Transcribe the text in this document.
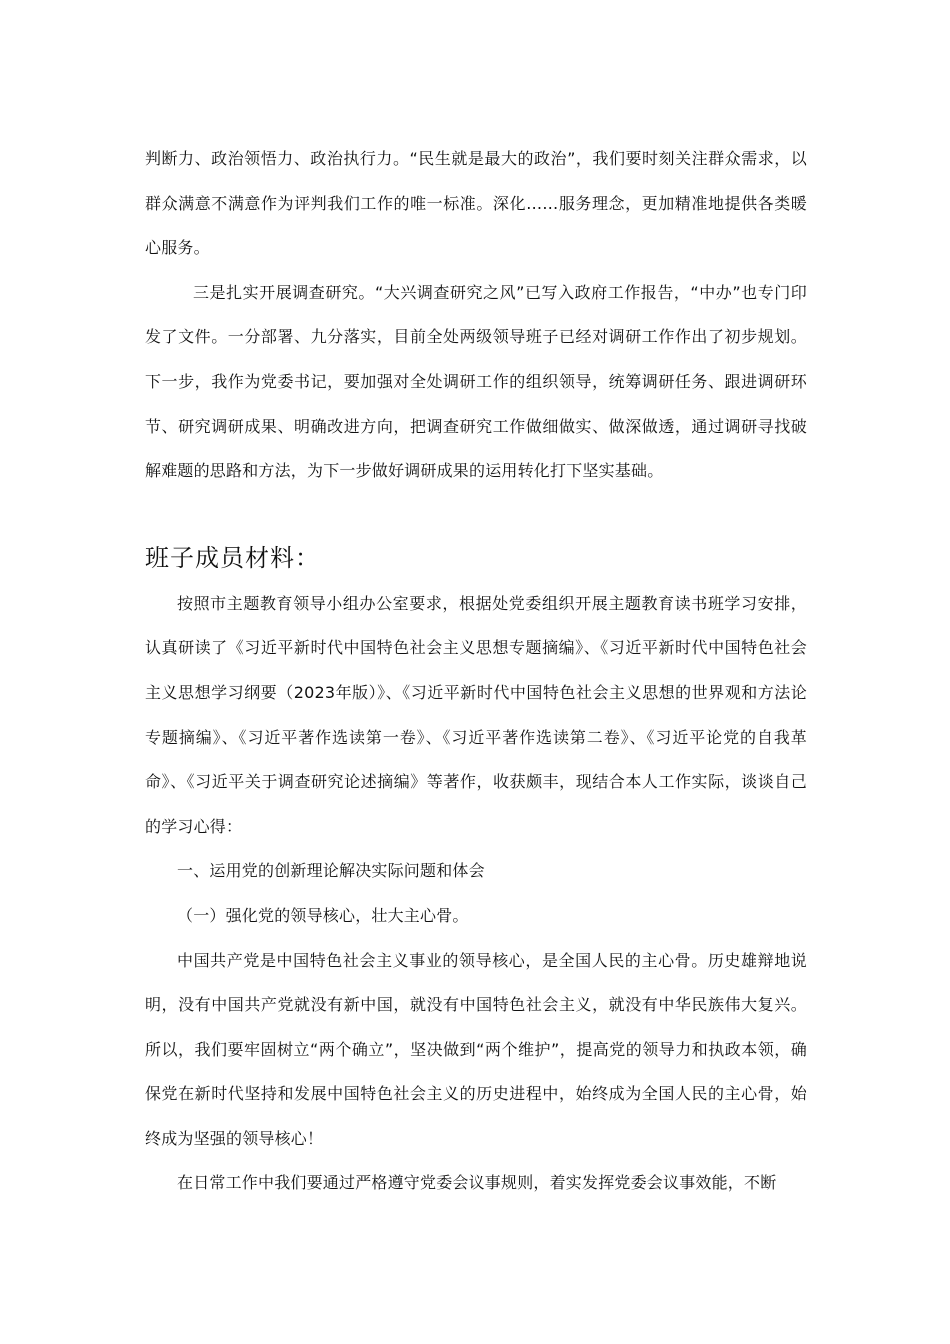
判断力、政治领悟力、政治执行力。“民生就是最大的政治”，我们要时刻关注群众需求，以群众满意不满意作为评判我们工作的唯一标准。深化……服务理念，更加精准地提供各类暖心服务。

三是扎实开展调查研究。“大兴调查研究之风”已写入政府工作报告，“中办”也专门印发了文件。一分部署、九分落实，目前全处两级领导班子已经对调研工作作出了初步规划。下一步，我作为党委书记，要加强对全处调研工作的组织领导，统筹调研任务、跟进调研环节、研究调研成果、明确改进方向，把调查研究工作做细做实、做深做透，通过调研寻找破解难题的思路和方法，为下一步做好调研成果的运用转化打下坚实基础。

班子成员材料：

按照市主题教育领导小组办公室要求，根据处党委组织开展主题教育读书班学习安排，认真研读了《习近平新时代中国特色社会主义思想专题摘编》、《习近平新时代中国特色社会主义思想学习纲要（2023年版）》、《习近平新时代中国特色社会主义思想的世界观和方法论专题摘编》、《习近平著作选读第一卷》、《习近平著作选读第二卷》、《习近平论党的自我革命》、《习近平关于调查研究论述摘编》等著作，收获颇丰，现结合本人工作实际，谈谈自己的学习心得：

一、运用党的创新理论解决实际问题和体会

（一）强化党的领导核心，壮大主心骨。

中国共产党是中国特色社会主义事业的领导核心，是全国人民的主心骨。历史雄辩地说明，没有中国共产党就没有新中国，就没有中国特色社会主义，就没有中华民族伟大复兴。所以，我们要牢固树立“两个确立”，坚决做到“两个维护”，提高党的领导力和执政本领，确保党在新时代坚持和发展中国特色社会主义的历史进程中，始终成为全国人民的主心骨，始终成为坚强的领导核心！

在日常工作中我们要通过严格遵守党委会议事规则，着实发挥党委会议事效能，不断
